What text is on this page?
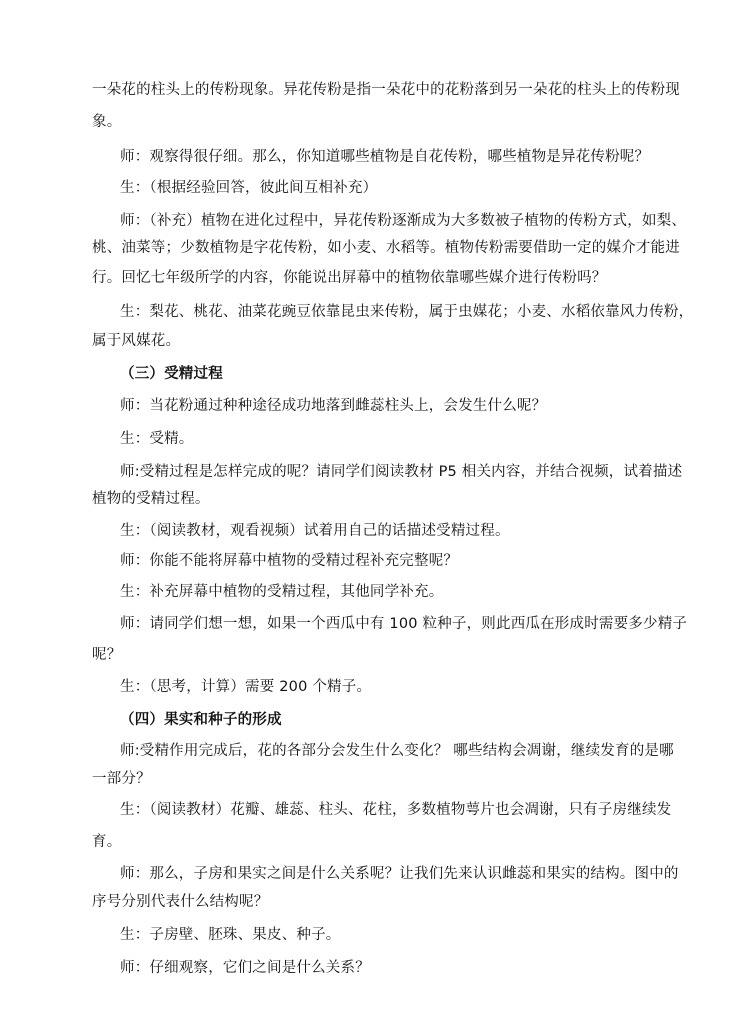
一朵花的柱头上的传粉现象。异花传粉是指一朵花中的花粉落到另一朵花的柱头上的传粉现
象。
师：观察得很仔细。那么，你知道哪些植物是自花传粉，哪些植物是异花传粉呢？
生：（根据经验回答，彼此间互相补充）
师：（补充）植物在进化过程中，异花传粉逐渐成为大多数被子植物的传粉方式，如梨、
桃、油菜等；少数植物是字花传粉，如小麦、水稻等。植物传粉需要借助一定的媒介才能进
行。回忆七年级所学的内容，你能说出屏幕中的植物依靠哪些媒介进行传粉吗？
生：梨花、桃花、油菜花豌豆依靠昆虫来传粉，属于虫媒花；小麦、水稻依靠风力传粉，
属于风媒花。
（三）受精过程
师：当花粉通过种种途径成功地落到雌蕊柱头上，会发生什么呢？
生：受精。
师:受精过程是怎样完成的呢？请同学们阅读教材 P5 相关内容，并结合视频，试着描述
植物的受精过程。
生：（阅读教材，观看视频）试着用自己的话描述受精过程。
师：你能不能将屏幕中植物的受精过程补充完整呢？
生：补充屏幕中植物的受精过程，其他同学补充。
师：请同学们想一想，如果一个西瓜中有 100 粒种子，则此西瓜在形成时需要多少精子
呢？
生：（思考，计算）需要 200 个精子。
（四）果实和种子的形成
师:受精作用完成后，花的各部分会发生什么变化？ 哪些结构会凋谢，继续发育的是哪
一部分？
生：（阅读教材）花瓣、雄蕊、柱头、花柱，多数植物萼片也会凋谢，只有子房继续发
育。
师：那么，子房和果实之间是什么关系呢？让我们先来认识雌蕊和果实的结构。图中的
序号分别代表什么结构呢？
生：子房壁、胚珠、果皮、种子。
师：仔细观察，它们之间是什么关系？
